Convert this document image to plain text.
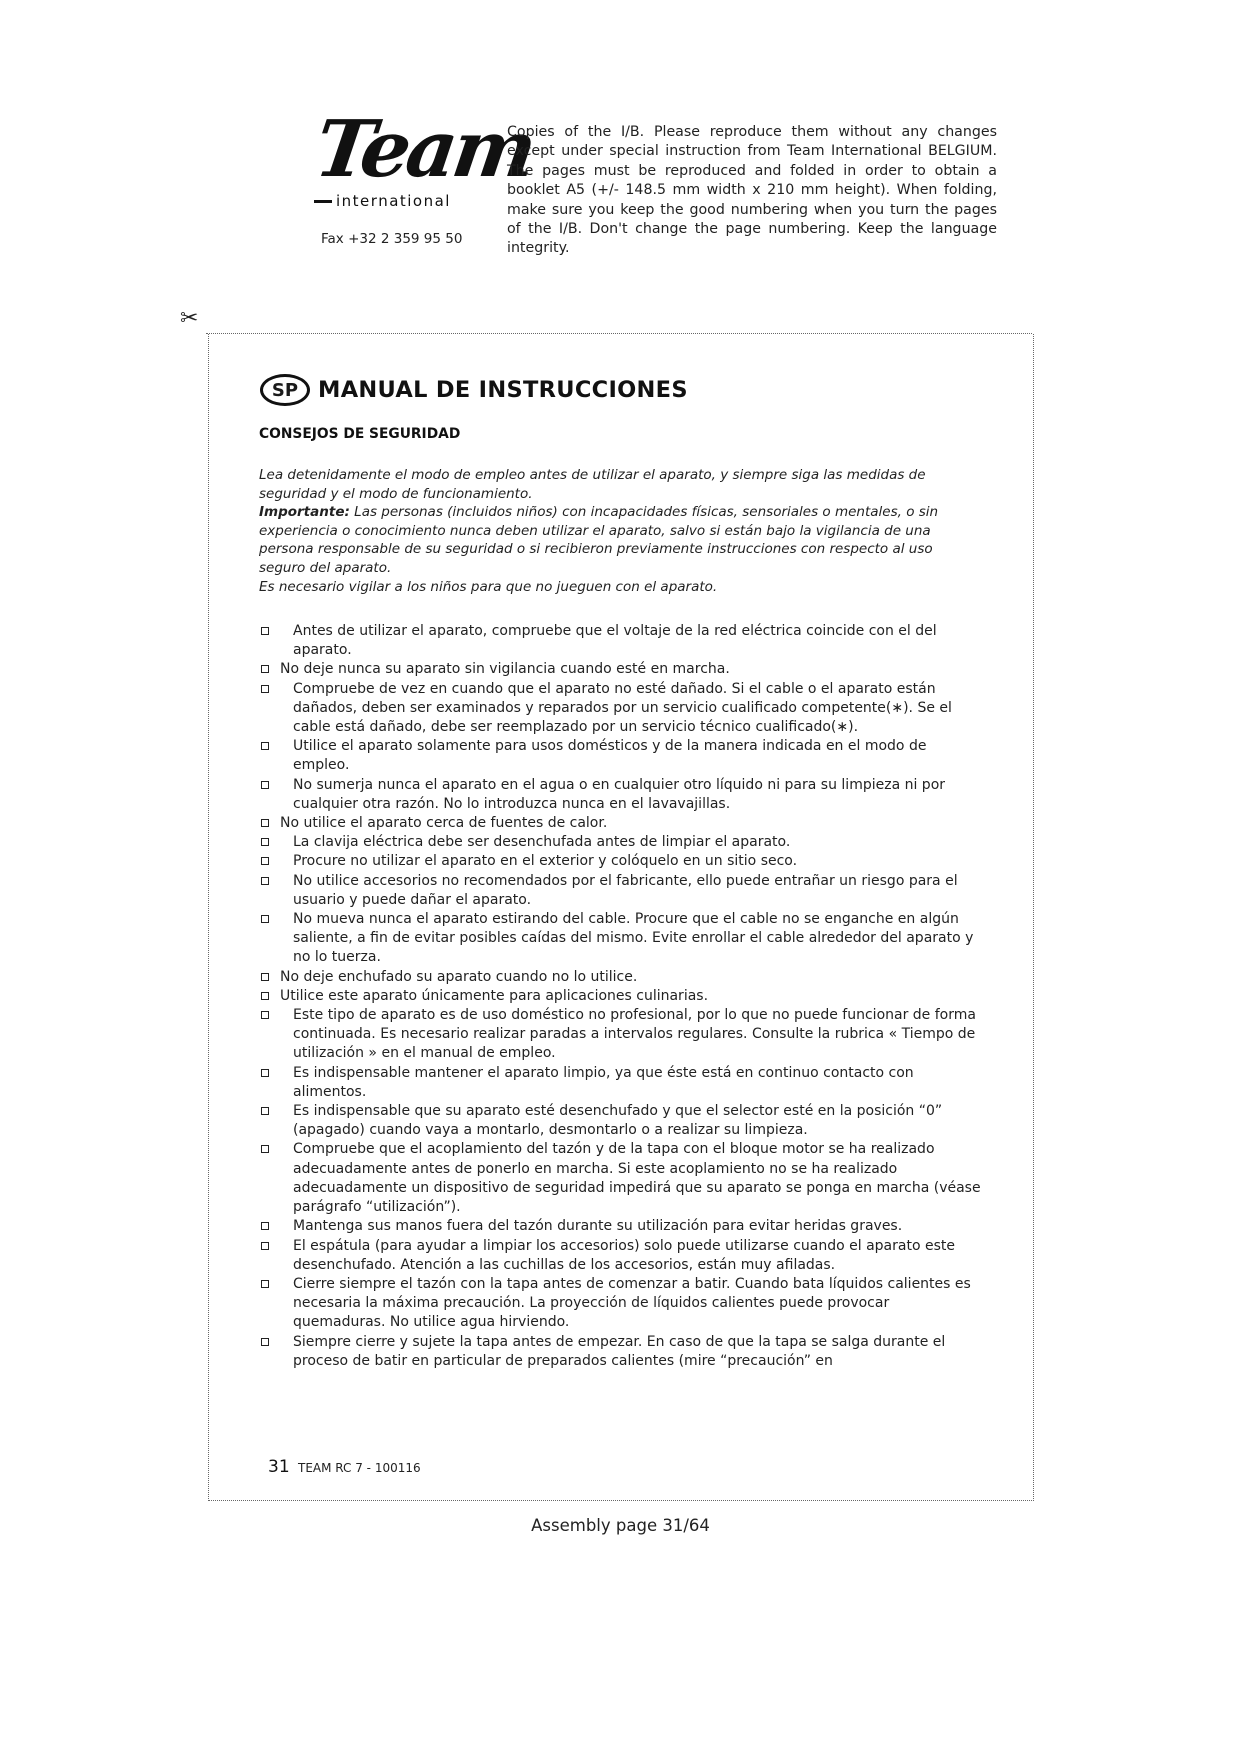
Team
international
Fax +32 2 359 95 50
Copies of the I/B. Please reproduce them without any changes except under special instruction from Team International BELGIUM. The pages must be reproduced and folded in order to obtain a booklet A5 (+/- 148.5 mm width x 210 mm height). When folding, make sure you keep the good numbering when you turn the pages of the I/B. Don't change the page numbering. Keep the language integrity.
✂
SP MANUAL DE INSTRUCCIONES
CONSEJOS DE SEGURIDAD

Lea detenidamente el modo de empleo antes de utilizar el aparato, y siempre siga las medidas de seguridad y el modo de funcionamiento.

Importante: Las personas (incluidos niños) con incapacidades físicas, sensoriales o mentales, o sin experiencia o conocimiento nunca deben utilizar el aparato, salvo si están bajo la vigilancia de una persona responsable de su seguridad o si recibieron previamente instrucciones con respecto al uso seguro del aparato.

Es necesario vigilar a los niños para que no jueguen con el aparato.

Antes de utilizar el aparato, compruebe que el voltaje de la red eléctrica coincide con el del aparato.
No deje nunca su aparato sin vigilancia cuando esté en marcha.
Compruebe de vez en cuando que el aparato no esté dañado. Si el cable o el aparato están dañados, deben ser examinados y reparados por un servicio cualificado competente(∗). Se el cable está dañado, debe ser reemplazado por un servicio técnico cualificado(∗).
Utilice el aparato solamente para usos domésticos y de la manera indicada en el modo de empleo.
No sumerja nunca el aparato en el agua o en cualquier otro líquido ni para su limpieza ni por cualquier otra razón. No lo introduzca nunca en el lavavajillas.
No utilice el aparato cerca de fuentes de calor.
La clavija eléctrica debe ser desenchufada antes de limpiar el aparato.
Procure no utilizar el aparato en el exterior y colóquelo en un sitio seco.
No utilice accesorios no recomendados por el fabricante, ello puede entrañar un riesgo para el usuario y puede dañar el aparato.
No mueva nunca el aparato estirando del cable. Procure que el cable no se enganche en algún saliente, a fin de evitar posibles caídas del mismo. Evite enrollar el cable alrededor del aparato y no lo tuerza.
No deje enchufado su aparato cuando no lo utilice.
Utilice este aparato únicamente para aplicaciones culinarias.
Este tipo de aparato es de uso doméstico no profesional, por lo que no puede funcionar de forma continuada. Es necesario realizar paradas a intervalos regulares. Consulte la rubrica « Tiempo de utilización » en el manual de empleo.
Es indispensable mantener el aparato limpio, ya que éste está en continuo contacto con alimentos.
Es indispensable que su aparato esté desenchufado y que el selector esté en la posición “0” (apagado) cuando vaya a montarlo, desmontarlo o a realizar su limpieza.
Compruebe que el acoplamiento del tazón y de la tapa con el bloque motor se ha realizado adecuadamente antes de ponerlo en marcha. Si este acoplamiento no se ha realizado adecuadamente un dispositivo de seguridad impedirá que su aparato se ponga en marcha (véase parágrafo “utilización”).
Mantenga sus manos fuera del tazón durante su utilización para evitar heridas graves.
El espátula (para ayudar a limpiar los accesorios) solo puede utilizarse cuando el aparato este desenchufado. Atención a las cuchillas de los accesorios, están muy afiladas.
Cierre siempre el tazón con la tapa antes de comenzar a batir. Cuando bata líquidos calientes es necesaria la máxima precaución. La proyección de líquidos calientes puede provocar quemaduras. No utilice agua hirviendo.
Siempre cierre y sujete la tapa antes de empezar. En caso de que la tapa se salga durante el proceso de batir en particular de preparados calientes (mire “precaución” en
31 TEAM RC 7 - 100116
Assembly page 31/64
